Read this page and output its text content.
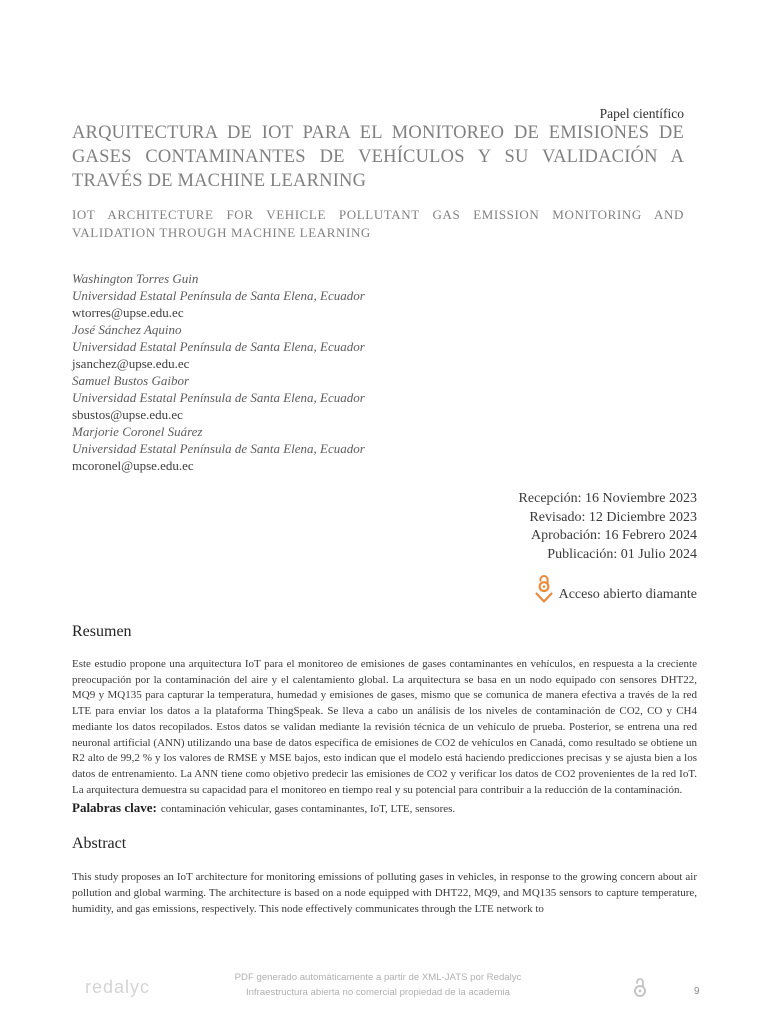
Papel científico
ARQUITECTURA DE IOT PARA EL MONITOREO DE EMISIONES DE GASES CONTAMINANTES DE VEHÍCULOS Y SU VALIDACIÓN A TRAVÉS DE MACHINE LEARNING
IOT ARCHITECTURE FOR VEHICLE POLLUTANT GAS EMISSION MONITORING AND VALIDATION THROUGH MACHINE LEARNING
Washington Torres Guin
Universidad Estatal Península de Santa Elena, Ecuador
wtorres@upse.edu.ec
José Sánchez Aquino
Universidad Estatal Península de Santa Elena, Ecuador
jsanchez@upse.edu.ec
Samuel Bustos Gaibor
Universidad Estatal Península de Santa Elena, Ecuador
sbustos@upse.edu.ec
Marjorie Coronel Suárez
Universidad Estatal Península de Santa Elena, Ecuador
mcoronel@upse.edu.ec
Recepción: 16 Noviembre 2023
Revisado: 12 Diciembre 2023
Aprobación: 16 Febrero 2024
Publicación: 01 Julio 2024
Acceso abierto diamante
Resumen

Este estudio propone una arquitectura IoT para el monitoreo de emisiones de gases contaminantes en vehículos, en respuesta a la creciente preocupación por la contaminación del aire y el calentamiento global. La arquitectura se basa en un nodo equipado con sensores DHT22, MQ9 y MQ135 para capturar la temperatura, humedad y emisiones de gases, mismo que se comunica de manera efectiva a través de la red LTE para enviar los datos a la plataforma ThingSpeak. Se lleva a cabo un análisis de los niveles de contaminación de CO2, CO y CH4 mediante los datos recopilados. Estos datos se validan mediante la revisión técnica de un vehículo de prueba. Posterior, se entrena una red neuronal artificial (ANN) utilizando una base de datos específica de emisiones de CO2 de vehículos en Canadá, como resultado se obtiene un R2 alto de 99,2 % y los valores de RMSE y MSE bajos, esto indican que el modelo está haciendo predicciones precisas y se ajusta bien a los datos de entrenamiento. La ANN tiene como objetivo predecir las emisiones de CO2 y verificar los datos de CO2 provenientes de la red IoT. La arquitectura demuestra su capacidad para el monitoreo en tiempo real y su potencial para contribuir a la reducción de la contaminación.

Palabras clave: contaminación vehicular, gases contaminantes, IoT, LTE, sensores.
Abstract

This study proposes an IoT architecture for monitoring emissions of polluting gases in vehicles, in response to the growing concern about air pollution and global warming. The architecture is based on a node equipped with DHT22, MQ9, and MQ135 sensors to capture temperature, humidity, and gas emissions, respectively. This node effectively communicates through the LTE network to

redalyc	PDF generado automáticamente a partir de XML-JATS por Redalyc
Infraestructura abierta no comercial propiedad de la academia	9
